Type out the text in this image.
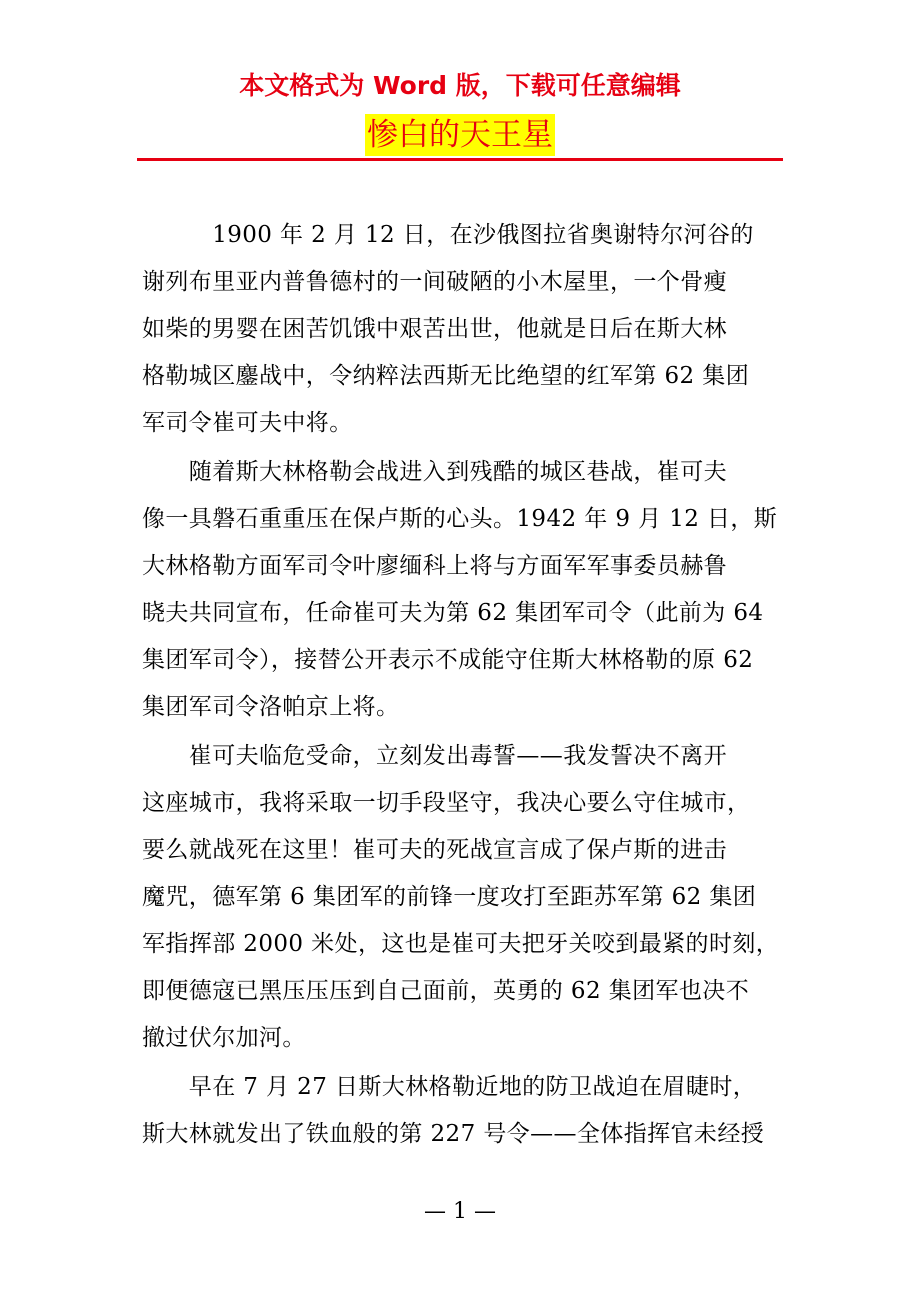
本文格式为 Word 版，下载可任意编辑
惨白的天王星
　　　1900 年 2 月 12 日，在沙俄图拉省奥谢特尔河谷的
谢列布里亚内普鲁德村的一间破陋的小木屋里，一个骨瘦
如柴的男婴在困苦饥饿中艰苦出世，他就是日后在斯大林
格勒城区鏖战中，令纳粹法西斯无比绝望的红军第 62 集团
军司令崔可夫中将。
　　随着斯大林格勒会战进入到残酷的城区巷战，崔可夫
像一具磐石重重压在保卢斯的心头。1942 年 9 月 12 日，斯
大林格勒方面军司令叶廖缅科上将与方面军军事委员赫鲁
晓夫共同宣布，任命崔可夫为第 62 集团军司令（此前为 64
集团军司令），接替公开表示不成能守住斯大林格勒的原 62
集团军司令洛帕京上将。
　　崔可夫临危受命，立刻发出毒誓——我发誓决不离开
这座城市，我将采取一切手段坚守，我决心要么守住城市，
要么就战死在这里！崔可夫的死战宣言成了保卢斯的进击
魔咒，德军第 6 集团军的前锋一度攻打至距苏军第 62 集团
军指挥部 2000 米处，这也是崔可夫把牙关咬到最紧的时刻，
即便德寇已黑压压压到自己面前，英勇的 62 集团军也决不
撤过伏尔加河。
　　早在 7 月 27 日斯大林格勒近地的防卫战迫在眉睫时，
斯大林就发出了铁血般的第 227 号令——全体指挥官未经授
— 1 —
